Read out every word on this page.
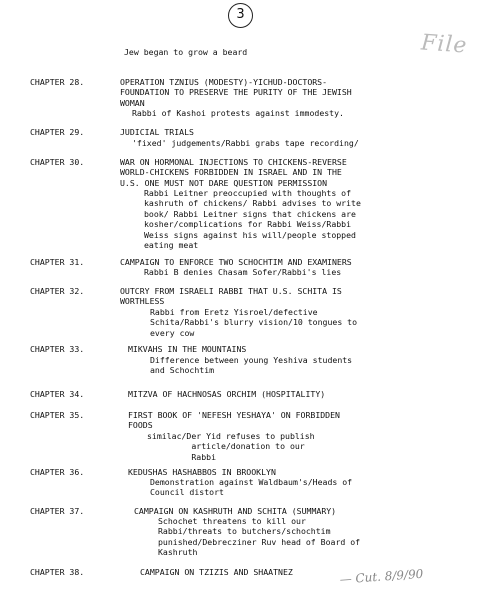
3
File
Jew began to grow a beard
CHAPTER 28.	OPERATION TZNIUS (MODESTY)-YICHUD-DOCTORS-
FOUNDATION TO PRESERVE THE PURITY OF THE JEWISH
WOMAN
Rabbi of Kashoi protests against immodesty.
CHAPTER 29.	JUDICIAL TRIALS
'fixed' judgements/Rabbi grabs tape recording/
CHAPTER 30.	WAR ON HORMONAL INJECTIONS TO CHICKENS-REVERSE
WORLD-CHICKENS FORBIDDEN IN ISRAEL AND IN THE
U.S. ONE MUST NOT DARE QUESTION PERMISSION
Rabbi Leitner preoccupied with thoughts of
kashruth of chickens/ Rabbi advises to write
book/ Rabbi Leitner signs that chickens are
kosher/complications for Rabbi Weiss/Rabbi
Weiss signs against his will/people stopped
eating meat
CHAPTER 31.	CAMPAIGN TO ENFORCE TWO SCHOCHTIM AND EXAMINERS
Rabbi B denies Chasam Sofer/Rabbi's lies
CHAPTER 32.	OUTCRY FROM ISRAELI RABBI THAT U.S. SCHITA IS
WORTHLESS
Rabbi from Eretz Yisroel/defective
Schita/Rabbi's blurry vision/10 tongues to
every cow
CHAPTER 33.	MIKVAHS IN THE MOUNTAINS
Difference between young Yeshiva students
and Schochtim
CHAPTER 34.	MITZVA OF HACHNOSAS ORCHIM (HOSPITALITY)
CHAPTER 35.	FIRST BOOK OF 'NEFESH YESHAYA' ON FORBIDDEN
FOODS
similac/Der Yid refuses to publish
article/donation to our
Rabbi
CHAPTER 36.	KEDUSHAS HASHABBOS IN BROOKLYN
Demonstration against Waldbaum's/Heads of
Council distort
CHAPTER 37.	CAMPAIGN ON KASHRUTH AND SCHITA (SUMMARY)
Schochet threatens to kill our
Rabbi/threats to butchers/schochtim
punished/Debrecziner Ruv head of Board of
Kashruth
CHAPTER 38.	CAMPAIGN ON TZIZIS AND SHAATNEZ	— Cut. 8/9/90
